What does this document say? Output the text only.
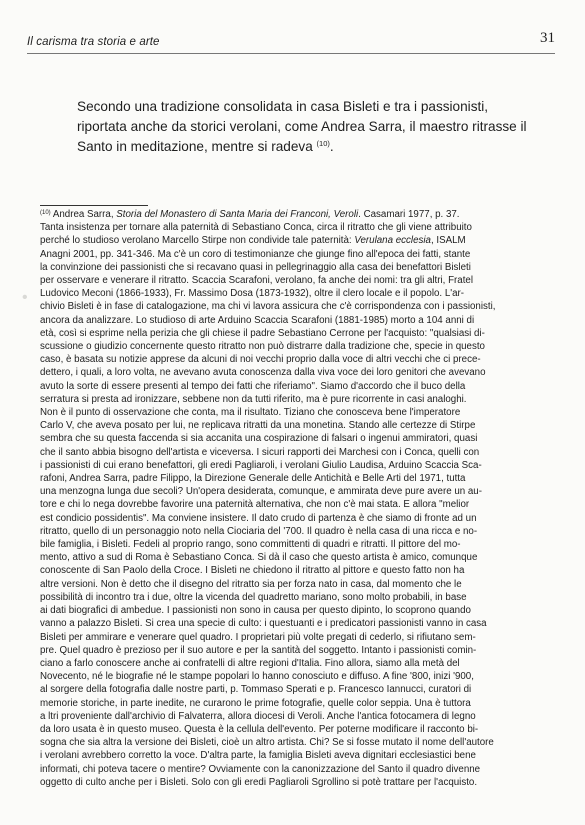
Il carisma tra storia e arte	31
•
Secondo una tradizione consolidata in casa Bisleti e tra i passionisti,
riportata anche da storici verolani, come Andrea Sarra, il maestro ritrasse il
Santo in meditazione, mentre si radeva $^{(10)}$.
$^{(10)}$ Andrea Sarra, Storia del Monastero di Santa Maria dei Franconi, Veroli. Casamari 1977, p. 37.
Tanta insistenza per tornare alla paternità di Sebastiano Conca, circa il ritratto che gli viene attribuito
perché lo studioso verolano Marcello Stirpe non condivide tale paternità: Verulana ecclesia, ISALM
Anagni 2001, pp. 341-346. Ma c'è un coro di testimonianze che giunge fino all'epoca dei fatti, stante
la convinzione dei passionisti che si recavano quasi in pellegrinaggio alla casa dei benefattori Bisleti
per osservare e venerare il ritratto. Scaccia Scarafoni, verolano, fa anche dei nomi: tra gli altri, Fratel
Ludovico Meconi (1866-1933), Fr. Massimo Dosa (1873-1932), oltre il clero locale e il popolo. L'ar-
chivio Bisleti è in fase di catalogazione, ma chi vi lavora assicura che c'è corrispondenza con i passionisti,
ancora da analizzare. Lo studioso di arte Arduino Scaccia Scarafoni (1881-1985) morto a 104 anni di
età, così si esprime nella perizia che gli chiese il padre Sebastiano Cerrone per l'acquisto: "qualsiasi di-
scussione o giudizio concernente questo ritratto non può distrarre dalla tradizione che, specie in questo
caso, è basata su notizie apprese da alcuni di noi vecchi proprio dalla voce di altri vecchi che ci prece-
dettero, i quali, a loro volta, ne avevano avuta conoscenza dalla viva voce dei loro genitori che avevano
avuto la sorte di essere presenti al tempo dei fatti che riferiamo". Siamo d'accordo che il buco della
serratura si presta ad ironizzare, sebbene non da tutti riferito, ma è pure ricorrente in casi analoghi.
Non è il punto di osservazione che conta, ma il risultato. Tiziano che conosceva bene l'imperatore
Carlo V, che aveva posato per lui, ne replicava ritratti da una monetina. Stando alle certezze di Stirpe
sembra che su questa faccenda si sia accanita una cospirazione di falsari o ingenui ammiratori, quasi
che il santo abbia bisogno dell'artista e viceversa. I sicuri rapporti dei Marchesi con i Conca, quelli con
i passionisti di cui erano benefattori, gli eredi Pagliaroli, i verolani Giulio Laudisa, Arduino Scaccia Sca-
rafoni, Andrea Sarra, padre Filippo, la Direzione Generale delle Antichità e Belle Arti del 1971, tutta
una menzogna lunga due secoli? Un'opera desiderata, comunque, e ammirata deve pure avere un au-
tore e chi lo nega dovrebbe favorire una paternità alternativa, che non c'è mai stata. E allora "melior
est condicio possidentis". Ma conviene insistere. Il dato crudo di partenza è che siamo di fronte ad un
ritratto, quello di un personaggio noto nella Ciociaria del '700. Il quadro è nella casa di una ricca e no-
bile famiglia, i Bisleti. Fedeli al proprio rango, sono committenti di quadri e ritratti. Il pittore del mo-
mento, attivo a sud di Roma è Sebastiano Conca. Si dà il caso che questo artista è amico, comunque
conoscente di San Paolo della Croce. I Bisleti ne chiedono il ritratto al pittore e questo fatto non ha
altre versioni. Non è detto che il disegno del ritratto sia per forza nato in casa, dal momento che le
possibilità di incontro tra i due, oltre la vicenda del quadretto mariano, sono molto probabili, in base
ai dati biografici di ambedue. I passionisti non sono in causa per questo dipinto, lo scoprono quando
vanno a palazzo Bisleti. Si crea una specie di culto: i questuanti e i predicatori passionisti vanno in casa
Bisleti per ammirare e venerare quel quadro. I proprietari più volte pregati di cederlo, si rifiutano sem-
pre. Quel quadro è prezioso per il suo autore e per la santità del soggetto. Intanto i passionisti comin-
ciano a farlo conoscere anche ai confratelli di altre regioni d'Italia. Fino allora, siamo alla metà del
Novecento, né le biografie né le stampe popolari lo hanno conosciuto e diffuso. A fine '800, inizi '900,
al sorgere della fotografia dalle nostre parti, p. Tommaso Sperati e p. Francesco Iannucci, curatori di
memorie storiche, in parte inedite, ne curarono le prime fotografie, quelle color seppia. Una è tuttora
a ltri proveniente dall'archivio di Falvaterra, allora diocesi di Veroli. Anche l'antica fotocamera di legno
da loro usata è in questo museo. Questa è la cellula dell'evento. Per poterne modificare il racconto bi-
sogna che sia altra la versione dei Bisleti, cioè un altro artista. Chi? Se si fosse mutato il nome dell'autore
i verolani avrebbero corretto la voce. D'altra parte, la famiglia Bisleti aveva dignitari ecclesiastici bene
informati, chi poteva tacere o mentire? Ovviamente con la canonizzazione del Santo il quadro divenne
oggetto di culto anche per i Bisleti. Solo con gli eredi Pagliaroli Sgrollino si potè trattare per l'acquisto.
